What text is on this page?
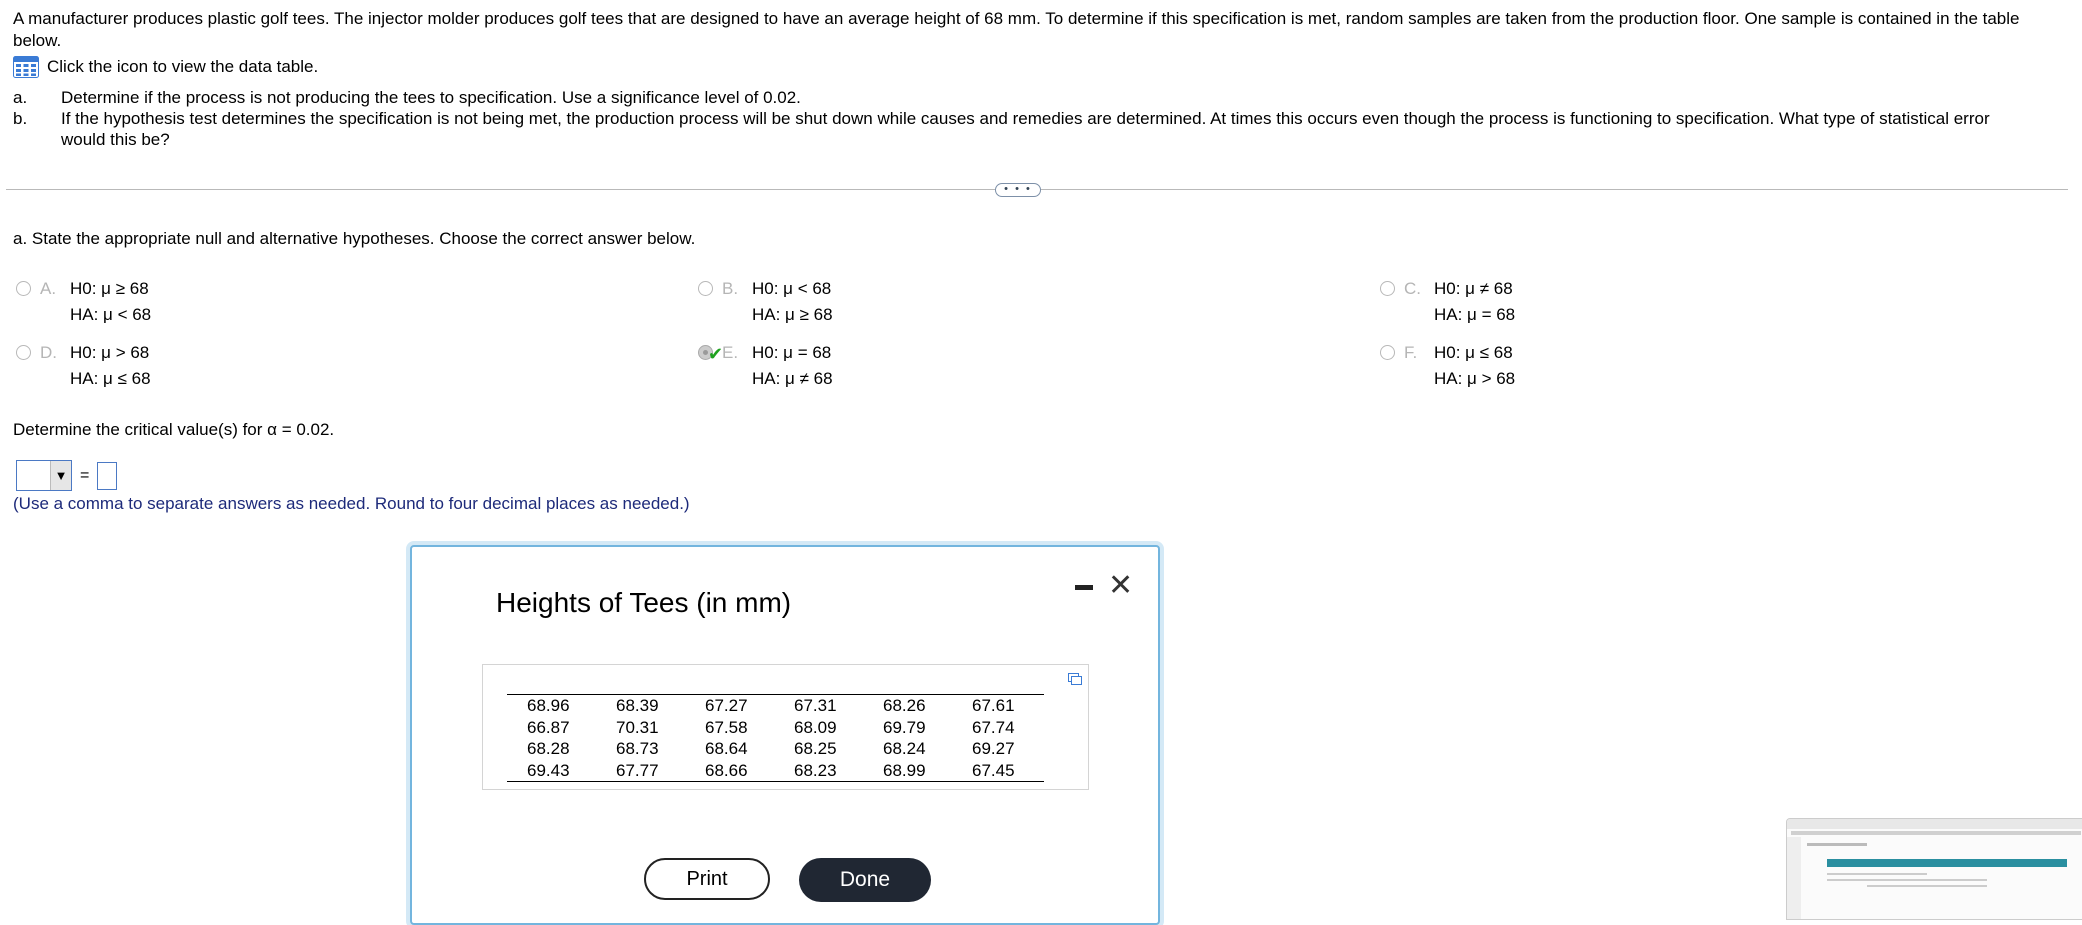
A manufacturer produces plastic golf tees. The injector molder produces golf tees that are designed to have an average height of 68 mm. To determine if this specification is met, random samples are taken from the production floor. One sample is contained in the table below.
Click the icon to view the data table.
a.	Determine if the process is not producing the tees to specification. Use a significance level of 0.02.
b.	If the hypothesis test determines the specification is not being met, the production process will be shut down while causes and remedies are determined. At times this occurs even though the process is functioning to specification. What type of statistical error would this be?
• • •
a. State the appropriate null and alternative hypotheses. Choose the correct answer below.
A. H0: μ ≥ 68
HA: μ < 68
B. H0: μ < 68
HA: μ ≥ 68
C. H0: μ ≠ 68
HA: μ = 68
D. H0: μ > 68
HA: μ ≤ 68
✔
E. H0: μ = 68
HA: μ ≠ 68
F. H0: μ ≤ 68
HA: μ > 68
Determine the critical value(s) for α = 0.02.
▼ =
(Use a comma to separate answers as needed. Round to four decimal places as needed.)
Heights of Tees (in mm)
✕
68.96	68.39	67.27	67.31	68.26	67.61
66.87	70.31	67.58	68.09	69.79	67.74
68.28	68.73	68.64	68.25	68.24	69.27
69.43	67.77	68.66	68.23	68.99	67.45
Print	Done
